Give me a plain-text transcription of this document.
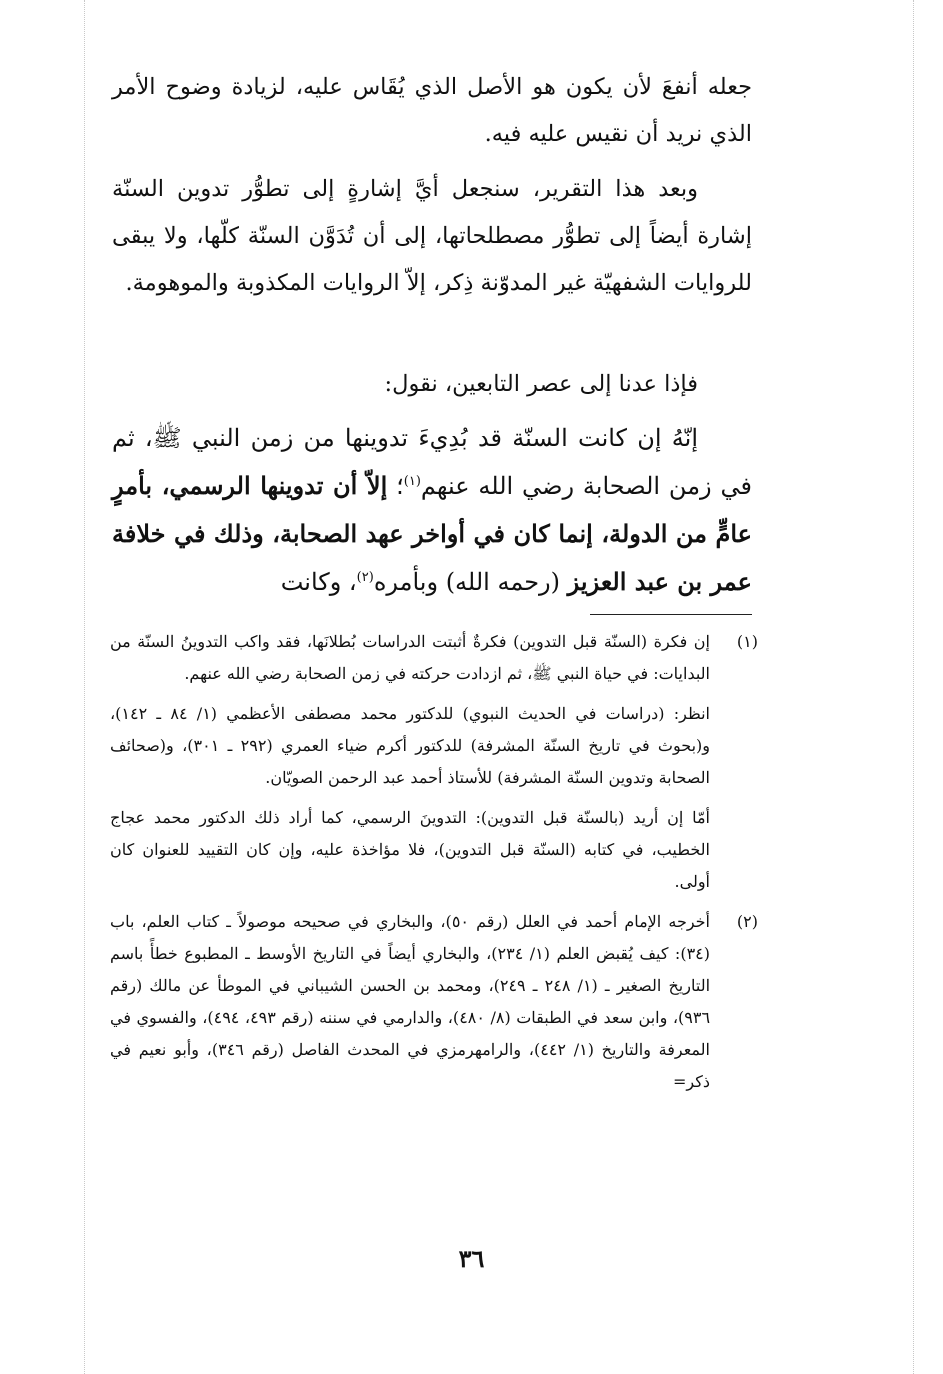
جعله أنفعَ لأن يكون هو الأصل الذي يُقَاس عليه، لزيادة وضوح الأمر الذي نريد أن نقيس عليه فيه.

وبعد هذا التقرير، سنجعل أيَّ إشارةٍ إلى تطوُّر تدوين السنّة إشارة أيضاً إلى تطوُّر مصطلحاتها، إلى أن تُدَوَّن السنّة كلّها، ولا يبقى للروايات الشفهيّة غير المدوّنة ذِكر، إلاّ الروايات المكذوبة والموهومة.

فإذا عدنا إلى عصر التابعين، نقول:

إنّهُ إن كانت السنّة قد بُدِيءَ تدوينها من زمن النبي ﷺ، ثم في زمن الصحابة رضي الله عنهم$^{(١)}$؛ إلاّ أن تدوينها الرسمي، بأمرٍ عامٍّ من الدولة، إنما كان في أواخر عهد الصحابة، وذلك في خلافة عمر بن عبد العزيز (رحمه الله) وبأمره$^{(٢)}$، وكانت

(١)

إن فكرة (السنّة قبل التدوين) فكرةٌ أثبتت الدراسات بُطلانَها، فقد واكب التدوينُ السنّة من البدايات: في حياة النبي ﷺ، ثم ازدادت حركته في زمن الصحابة رضي الله عنهم.

انظر: (دراسات في الحديث النبوي) للدكتور محمد مصطفى الأعظمي (١/ ٨٤ ـ ١٤٢)، و(بحوث في تاريخ السنّة المشرفة) للدكتور أكرم ضياء العمري (٢٩٢ ـ ٣٠١)، و(صحائف الصحابة وتدوين السنّة المشرفة) للأستاذ أحمد عبد الرحمن الصويّان.

أمّا إن أريد (بالسنّة قبل التدوين): التدوينَ الرسمي، كما أراد ذلك الدكتور محمد عجاج الخطيب، في كتابه (السنّة قبل التدوين)، فلا مؤاخذة عليه، وإن كان التقييد للعنوان كان أولى.

(٢)

أخرجه الإمام أحمد في العلل (رقم ٥٠)، والبخاري في صحيحه موصولاً ـ كتاب العلم، باب (٣٤): كيف يُقبض العلم (١/ ٢٣٤)، والبخاري أيضاً في التاريخ الأوسط ـ المطبوع خطأً باسم التاريخ الصغير ـ (١/ ٢٤٨ ـ ٢٤٩)، ومحمد بن الحسن الشيباني في الموطأ عن مالك (رقم ٩٣٦)، وابن سعد في الطبقات (٨/ ٤٨٠)، والدارمي في سننه (رقم ٤٩٣، ٤٩٤)، والفسوي في المعرفة والتاريخ (١/ ٤٤٢)، والرامهرمزي في المحدث الفاصل (رقم ٣٤٦)، وأبو نعيم في ذكر=

٣٦
